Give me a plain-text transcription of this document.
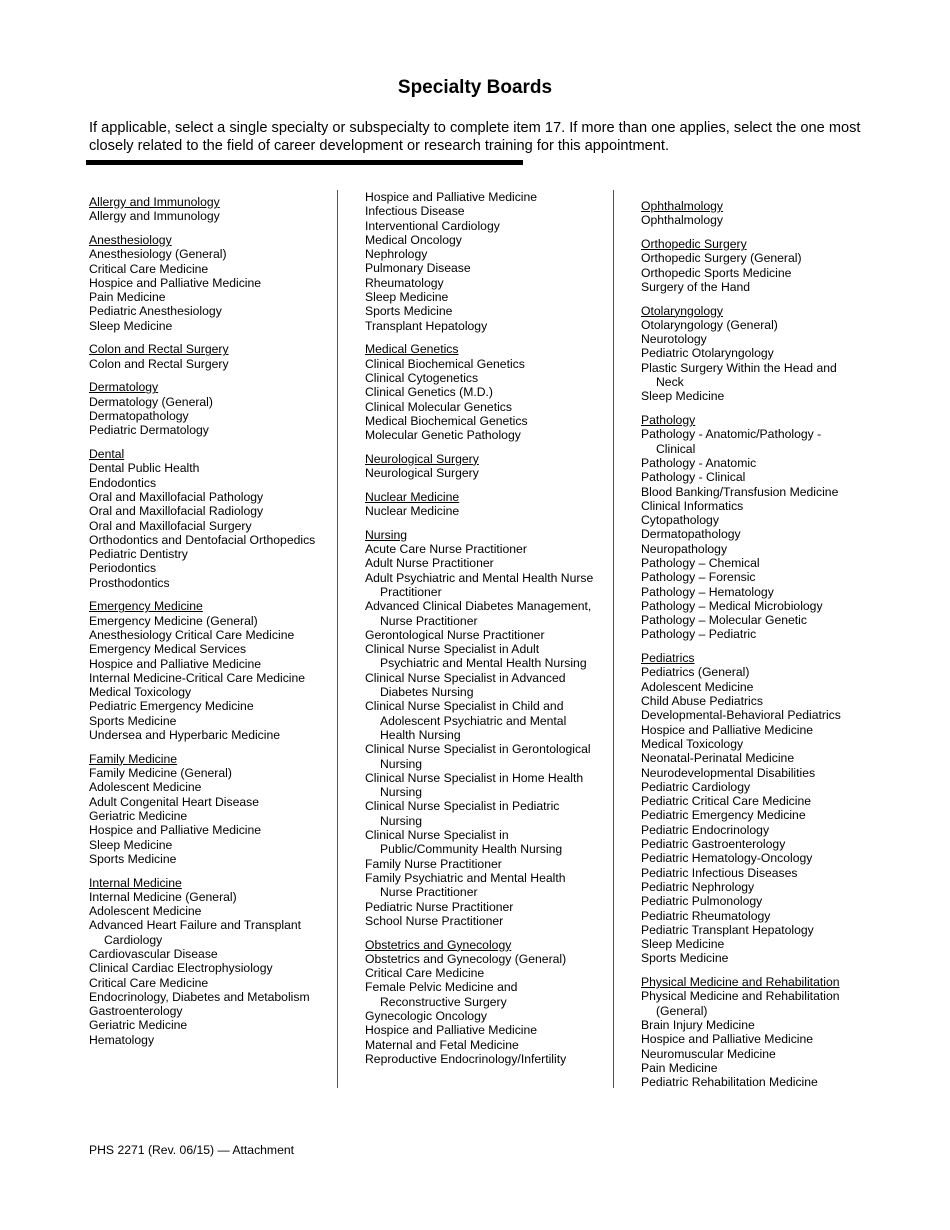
Specialty Boards
If applicable, select a single specialty or subspecialty to complete item 17. If more than one applies, select the one most closely related to the field of career development or research training for this appointment.
Allergy and Immunology
Allergy and Immunology
Anesthesiology
Anesthesiology (General)
Critical Care Medicine
Hospice and Palliative Medicine
Pain Medicine
Pediatric Anesthesiology
Sleep Medicine
Colon and Rectal Surgery
Colon and Rectal Surgery
Dermatology
Dermatology (General)
Dermatopathology
Pediatric Dermatology
Dental
Dental Public Health
Endodontics
Oral and Maxillofacial Pathology
Oral and Maxillofacial Radiology
Oral and Maxillofacial Surgery
Orthodontics and Dentofacial Orthopedics
Pediatric Dentistry
Periodontics
Prosthodontics
Emergency Medicine
Emergency Medicine (General)
Anesthesiology Critical Care Medicine
Emergency Medical Services
Hospice and Palliative Medicine
Internal Medicine-Critical Care Medicine
Medical Toxicology
Pediatric Emergency Medicine
Sports Medicine
Undersea and Hyperbaric Medicine
Family Medicine
Family Medicine (General)
Adolescent Medicine
Adult Congenital Heart Disease
Geriatric Medicine
Hospice and Palliative Medicine
Sleep Medicine
Sports Medicine
Internal Medicine
Internal Medicine (General)
Adolescent Medicine
Advanced Heart Failure and Transplant Cardiology
Cardiovascular Disease
Clinical Cardiac Electrophysiology
Critical Care Medicine
Endocrinology, Diabetes and Metabolism
Gastroenterology
Geriatric Medicine
Hematology
Hospice and Palliative Medicine
Infectious Disease
Interventional Cardiology
Medical Oncology
Nephrology
Pulmonary Disease
Rheumatology
Sleep Medicine
Sports Medicine
Transplant Hepatology
Medical Genetics
Clinical Biochemical Genetics
Clinical Cytogenetics
Clinical Genetics (M.D.)
Clinical Molecular Genetics
Medical Biochemical Genetics
Molecular Genetic Pathology
Neurological Surgery
Neurological Surgery
Nuclear Medicine
Nuclear Medicine
Nursing
Acute Care Nurse Practitioner
Adult Nurse Practitioner
Adult Psychiatric and Mental Health Nurse Practitioner
Advanced Clinical Diabetes Management, Nurse Practitioner
Gerontological Nurse Practitioner
Clinical Nurse Specialist in Adult Psychiatric and Mental Health Nursing
Clinical Nurse Specialist in Advanced Diabetes Nursing
Clinical Nurse Specialist in Child and Adolescent Psychiatric and Mental Health Nursing
Clinical Nurse Specialist in Gerontological Nursing
Clinical Nurse Specialist in Home Health Nursing
Clinical Nurse Specialist in Pediatric Nursing
Clinical Nurse Specialist in Public/Community Health Nursing
Family Nurse Practitioner
Family Psychiatric and Mental Health Nurse Practitioner
Pediatric Nurse Practitioner
School Nurse Practitioner
Obstetrics and Gynecology
Obstetrics and Gynecology (General)
Critical Care Medicine
Female Pelvic Medicine and Reconstructive Surgery
Gynecologic Oncology
Hospice and Palliative Medicine
Maternal and Fetal Medicine
Reproductive Endocrinology/Infertility
Ophthalmology
Ophthalmology
Orthopedic Surgery
Orthopedic Surgery (General)
Orthopedic Sports Medicine
Surgery of the Hand
Otolaryngology
Otolaryngology (General)
Neurotology
Pediatric Otolaryngology
Plastic Surgery Within the Head and Neck
Sleep Medicine
Pathology
Pathology - Anatomic/Pathology - Clinical
Pathology - Anatomic
Pathology - Clinical
Blood Banking/Transfusion Medicine
Clinical Informatics
Cytopathology
Dermatopathology
Neuropathology
Pathology – Chemical
Pathology – Forensic
Pathology – Hematology
Pathology – Medical Microbiology
Pathology – Molecular Genetic
Pathology – Pediatric
Pediatrics
Pediatrics (General)
Adolescent Medicine
Child Abuse Pediatrics
Developmental-Behavioral Pediatrics
Hospice and Palliative Medicine
Medical Toxicology
Neonatal-Perinatal Medicine
Neurodevelopmental Disabilities
Pediatric Cardiology
Pediatric Critical Care Medicine
Pediatric Emergency Medicine
Pediatric Endocrinology
Pediatric Gastroenterology
Pediatric Hematology-Oncology
Pediatric Infectious Diseases
Pediatric Nephrology
Pediatric Pulmonology
Pediatric Rheumatology
Pediatric Transplant Hepatology
Sleep Medicine
Sports Medicine
Physical Medicine and Rehabilitation
Physical Medicine and Rehabilitation (General)
Brain Injury Medicine
Hospice and Palliative Medicine
Neuromuscular Medicine
Pain Medicine
Pediatric Rehabilitation Medicine
PHS 2271 (Rev. 06/15) — Attachment
